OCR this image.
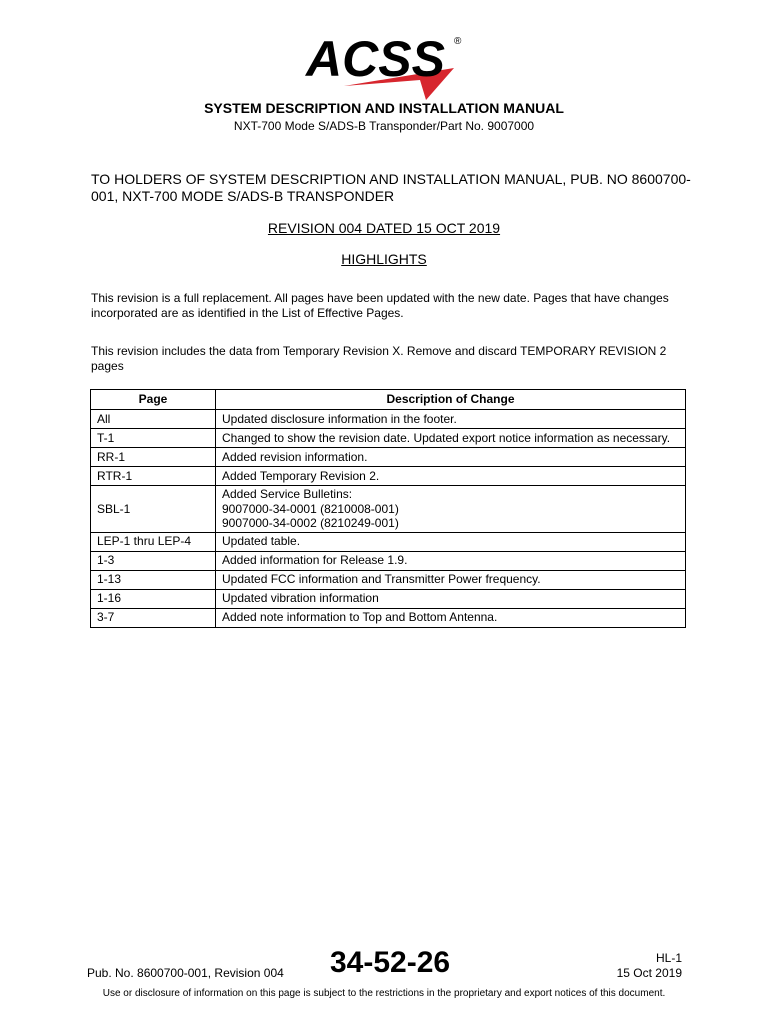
ACSS ®
SYSTEM DESCRIPTION AND INSTALLATION MANUAL
NXT-700 Mode S/ADS-B Transponder/Part No. 9007000
TO HOLDERS OF SYSTEM DESCRIPTION AND INSTALLATION MANUAL, PUB. NO 8600700-001, NXT-700 MODE S/ADS-B TRANSPONDER
REVISION 004 DATED 15 OCT 2019
HIGHLIGHTS
This revision is a full replacement. All pages have been updated with the new date. Pages that have changes incorporated are as identified in the List of Effective Pages.
This revision includes the data from Temporary Revision X. Remove and discard TEMPORARY REVISION 2 pages
Page	Description of Change
All	Updated disclosure information in the footer.
T-1	Changed to show the revision date. Updated export notice information as necessary.
RR-1	Added revision information.
RTR-1	Added Temporary Revision 2.
SBL-1	Added Service Bulletins:
9007000-34-0001 (8210008-001)
9007000-34-0002 (8210249-001)
LEP-1 thru LEP-4	Updated table.
1-3	Added information for Release 1.9.
1-13	Updated FCC information and Transmitter Power frequency.
1-16	Updated vibration information
3-7	Added note information to Top and Bottom Antenna.
Pub. No. 8600700-001, Revision 004 34-52-26	HL-1
15 Oct 2019
Use or disclosure of information on this page is subject to the restrictions in the proprietary and export notices of this document.
